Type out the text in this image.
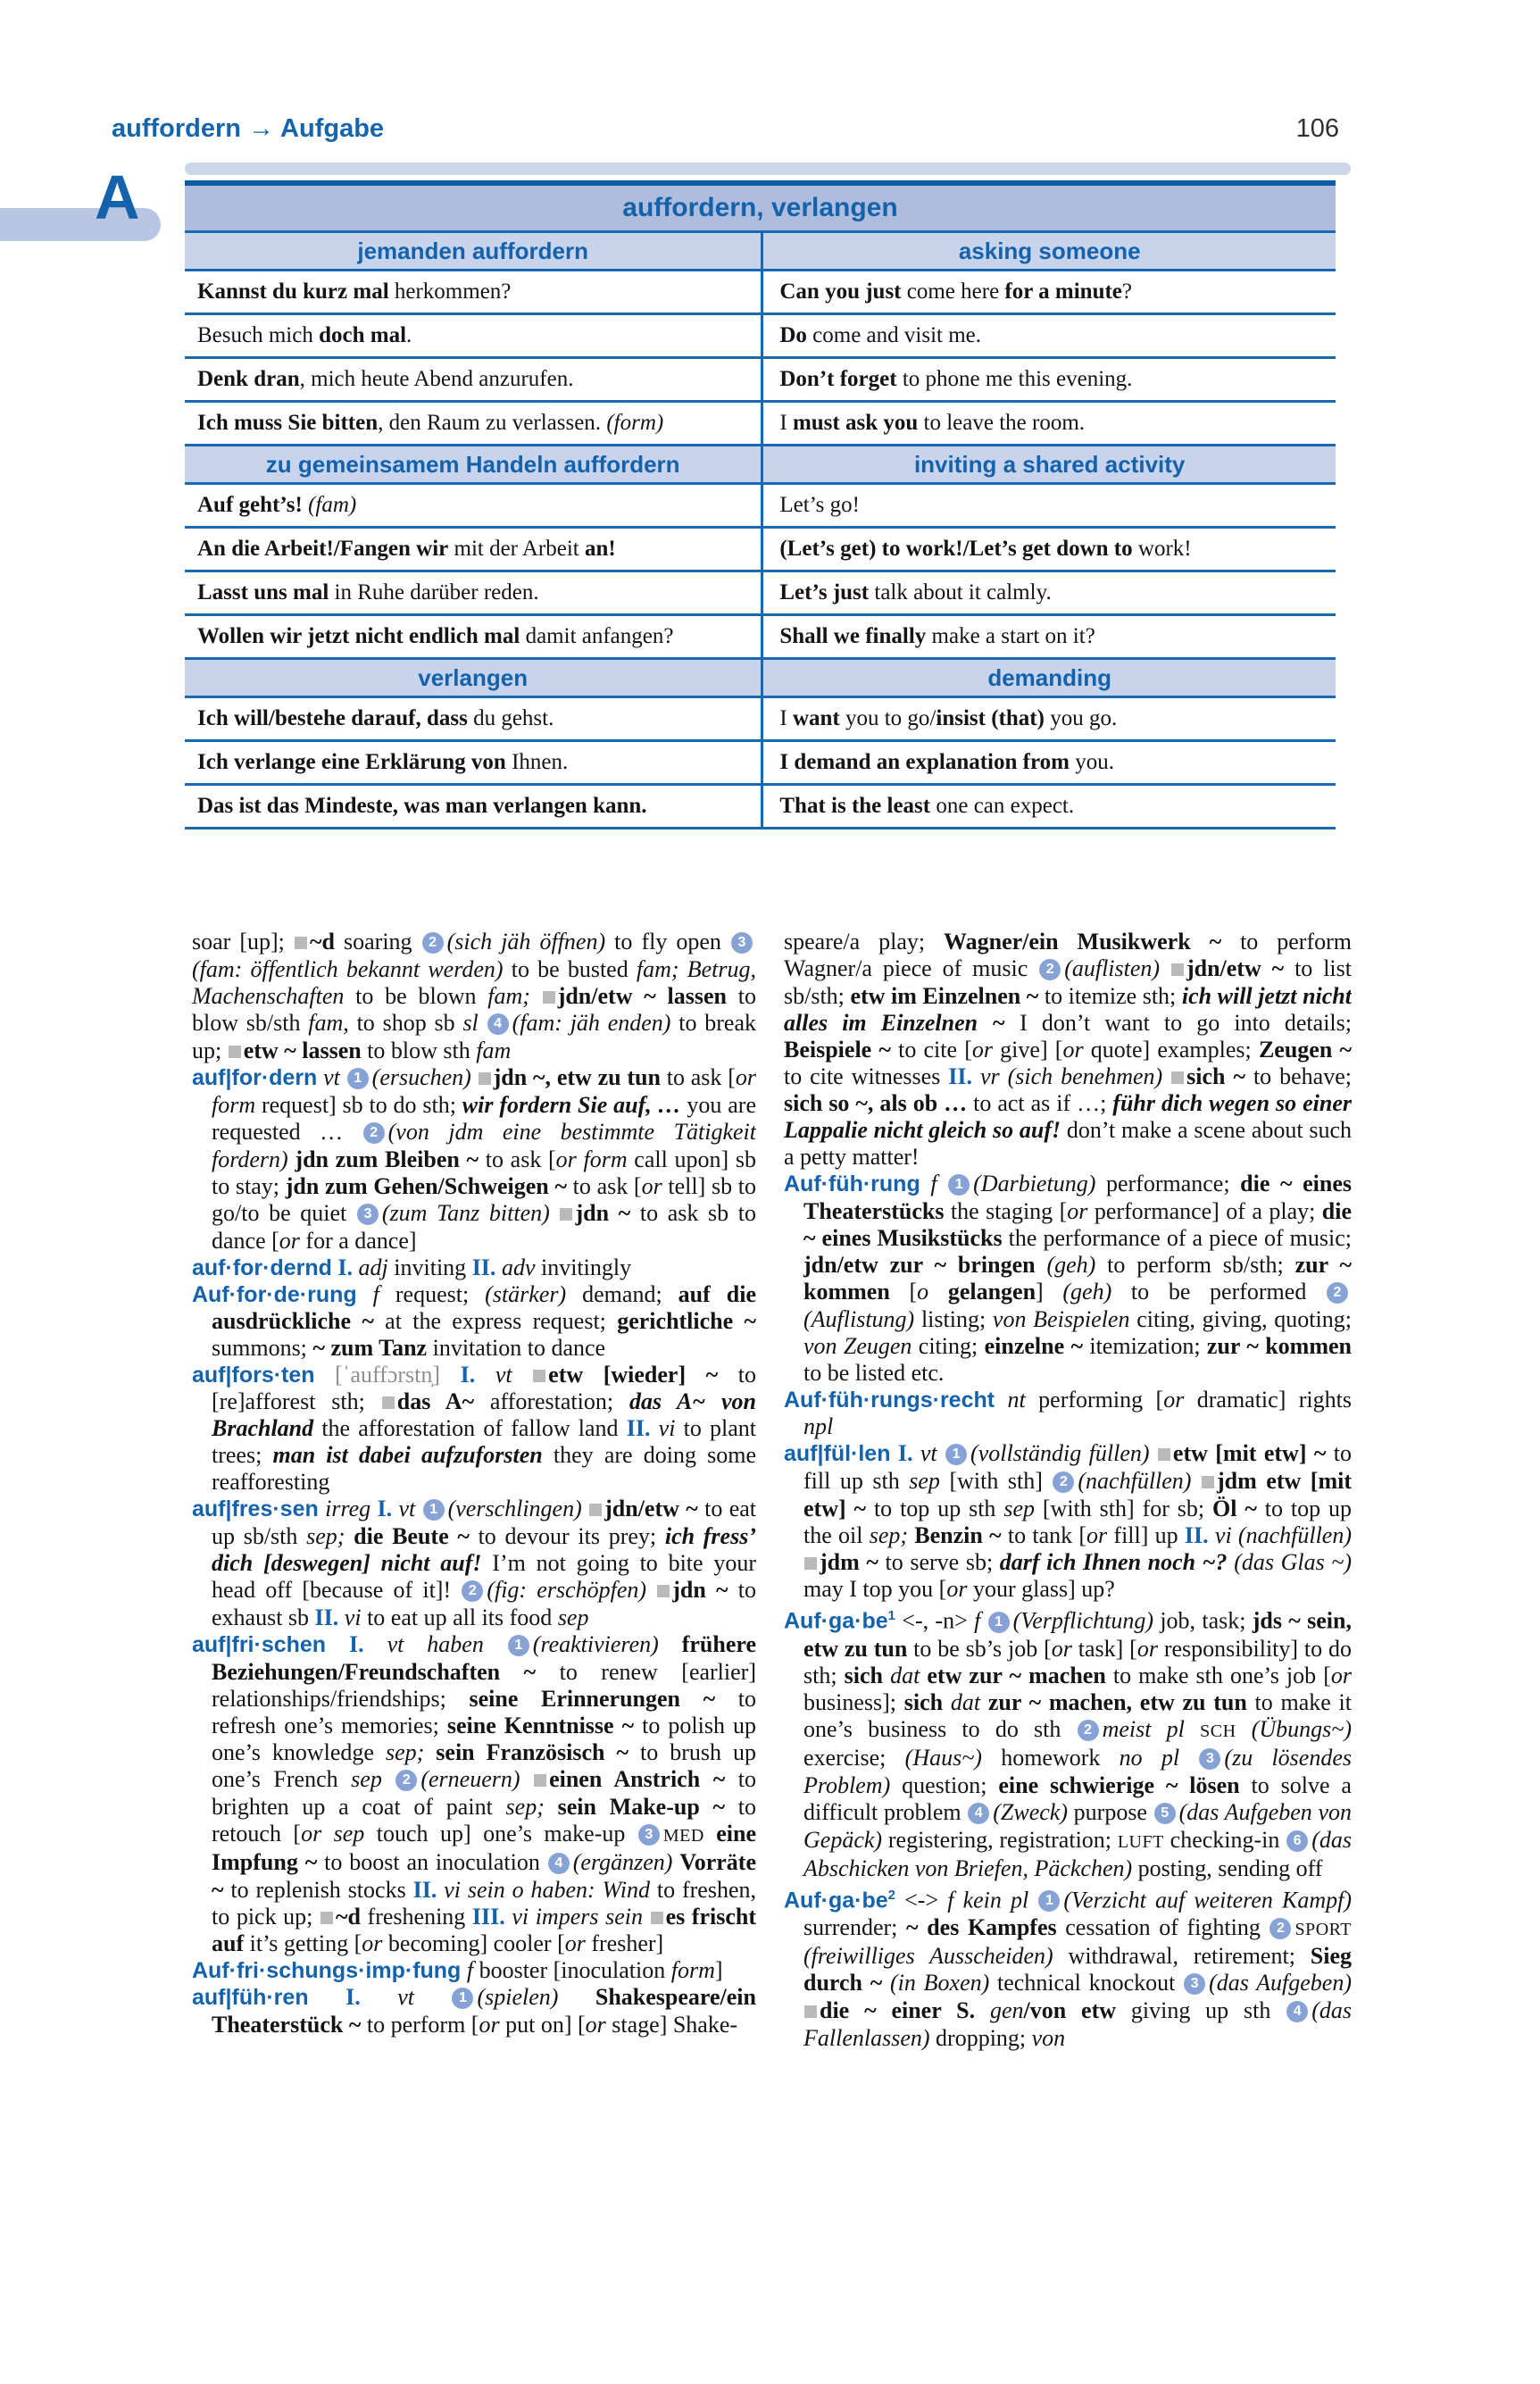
auffordern → Aufgabe	106
A	auffordern, verlangen
jemanden auffordern	asking someone
Kannst du kurz mal herkommen?	Can you just come here for a minute?
Besuch mich doch mal.	Do come and visit me.
Denk dran, mich heute Abend anzurufen.	Don’t forget to phone me this evening.
Ich muss Sie bitten, den Raum zu verlassen. (form)	I must ask you to leave the room.
zu gemeinsamem Handeln auffordern	inviting a shared activity
Auf geht’s! (fam)	Let’s go!
An die Arbeit!/Fangen wir mit der Arbeit an!	(Let’s get) to work!/Let’s get down to work!
Lasst uns mal in Ruhe darüber reden.	Let’s just talk about it calmly.
Wollen wir jetzt nicht endlich mal damit anfangen?	Shall we finally make a start on it?
verlangen	demanding
Ich will/bestehe darauf, dass du gehst.	I want you to go/insist (that) you go.
Ich verlange eine Erklärung von Ihnen.	I demand an explanation from you.
Das ist das Mindeste, was man verlangen kann.	That is the least one can expect.
soar [up]; ~d soaring 2 (sich jäh öffnen) to fly open 3(fam: öffentlich bekannt werden) to be busted fam; Betrug, Machenschaften to be blown fam; jdn/etw ~ lassen to blow sb/sth fam, to shop sb sl 4 (fam: jäh enden) to break up; etw ~ lassen to blow sth fam
auf|for·dern vt 1 (ersuchen) jdn ~, etw zu tun to ask [or form request] sb to do sth; wir fordern Sie auf, … you are requested … 2 (von jdm eine bestimmte Tätigkeit fordern) jdn zum Bleiben ~ to ask [or form call upon] sb to stay; jdn zum Gehen/Schweigen ~ to ask [or tell] sb to go/to be quiet 3 (zum Tanz bitten) jdn ~ to ask sb to dance [or for a dance]
auf·for·dernd I. adj inviting II. adv invitingly
Auf·for·de·rung f request; (stärker) demand; auf die ausdrückliche ~ at the express request; gerichtliche ~ summons; ~ zum Tanz invitation to dance
auf|fors·ten [ˈauffɔrstn̩] I. vt etw [wieder] ~ to [re]afforest sth; das A~ afforestation; das A~ von Brachland the afforestation of fallow land II. vi to plant trees; man ist dabei aufzuforsten they are doing some reafforesting
auf|fres·sen irreg I. vt 1 (verschlingen) jdn/etw ~ to eat up sb/sth sep; die Beute ~ to devour its prey; ich fress’ dich [deswegen] nicht auf! I’m not going to bite your head off [because of it]! 2 (fig: erschöpfen) jdn ~ to exhaust sb II. vi to eat up all its food sep
auf|fri·schen I. vt haben 1 (reaktivieren) frühere Beziehungen/Freundschaften ~ to renew [earlier] relationships/friendships; seine Erinnerungen ~ to refresh one’s memories; seine Kenntnisse ~ to polish up one’s knowledge sep; sein Französisch ~ to brush up one’s French sep 2 (erneuern) einen Anstrich ~ to brighten up a coat of paint sep; sein Make-up ~ to retouch [or sep touch up] one’s make-up 3 MED eine Impfung ~ to boost an inoculation 4 (ergänzen) Vorräte ~ to replenish stocks II. vi sein o haben: Wind to freshen, to pick up; ~d freshening III. vi impers sein es frischt auf it’s getting [or becoming] cooler [or fresher]
Auf·fri·schungs·imp·fung f booster [inoculation form]
auf|füh·ren I. vt 1 (spielen) Shakespeare/ein Theaterstück ~ to perform [or put on] [or stage] Shake-
speare/a play; Wagner/ein Musikwerk ~ to perform Wagner/a piece of music 2 (auflisten) jdn/etw ~ to list sb/sth; etw im Einzelnen ~ to itemize sth; ich will jetzt nicht alles im Einzelnen ~ I don’t want to go into details; Beispiele ~ to cite [or give] [or quote] examples; Zeugen ~ to cite witnesses II. vr (sich benehmen) sich ~ to behave; sich so ~, als ob … to act as if …; führ dich wegen so einer Lappalie nicht gleich so auf! don’t make a scene about such a petty matter!
Auf·füh·rung f 1 (Darbietung) performance; die ~ eines Theaterstücks the staging [or performance] of a play; die ~ eines Musikstücks the performance of a piece of music; jdn/etw zur ~ bringen (geh) to perform sb/sth; zur ~ kommen [o gelangen] (geh) to be performed 2(Auflistung) listing; von Beispielen citing, giving, quoting; von Zeugen citing; einzelne ~ itemization; zur ~ kommen to be listed etc.
Auf·füh·rungs·recht nt performing [or dramatic] rights npl
auf|fül·len I. vt 1 (vollständig füllen) etw [mit etw] ~ to fill up sth sep [with sth] 2 (nachfüllen) jdm etw [mit etw] ~ to top up sth sep [with sth] for sb; Öl ~ to top up the oil sep; Benzin ~ to tank [or fill] up II. vi (nachfüllen) jdm ~ to serve sb; darf ich Ihnen noch ~? (das Glas ~) may I top you [or your glass] up?
$Auf\cdot ga\cdot be^1$ <-, -n> f 1 (Verpflichtung) job, task; jds ~ sein, etw zu tun to be sb’s job [or task] [or responsibility] to do sth; sich dat etw zur ~ machen to make sth one’s job [or business]; sich dat zur ~ machen, etw zu tun to make it one’s business to do sth 2 meist pl SCH (Übungs~) exercise; (Haus~) homework no pl 3 (zu lösendes Problem) question; eine schwierige ~ lösen to solve a difficult problem 4 (Zweck) purpose 5 (das Aufgeben von Gepäck) registering, registration; LUFT checking-in 6 (das Abschicken von Briefen, Päckchen) posting, sending off
$Auf\cdot ga\cdot be^2$ <-> f kein pl 1 (Verzicht auf weiteren Kampf) surrender; ~ des Kampfes cessation of fighting 2 SPORT (freiwilliges Ausscheiden) withdrawal, retirement; Sieg durch ~ (in Boxen) technical knockout 3 (das Aufgeben) die ~ einer S. gen/von etw giving up sth 4 (das Fallenlassen) dropping; von
